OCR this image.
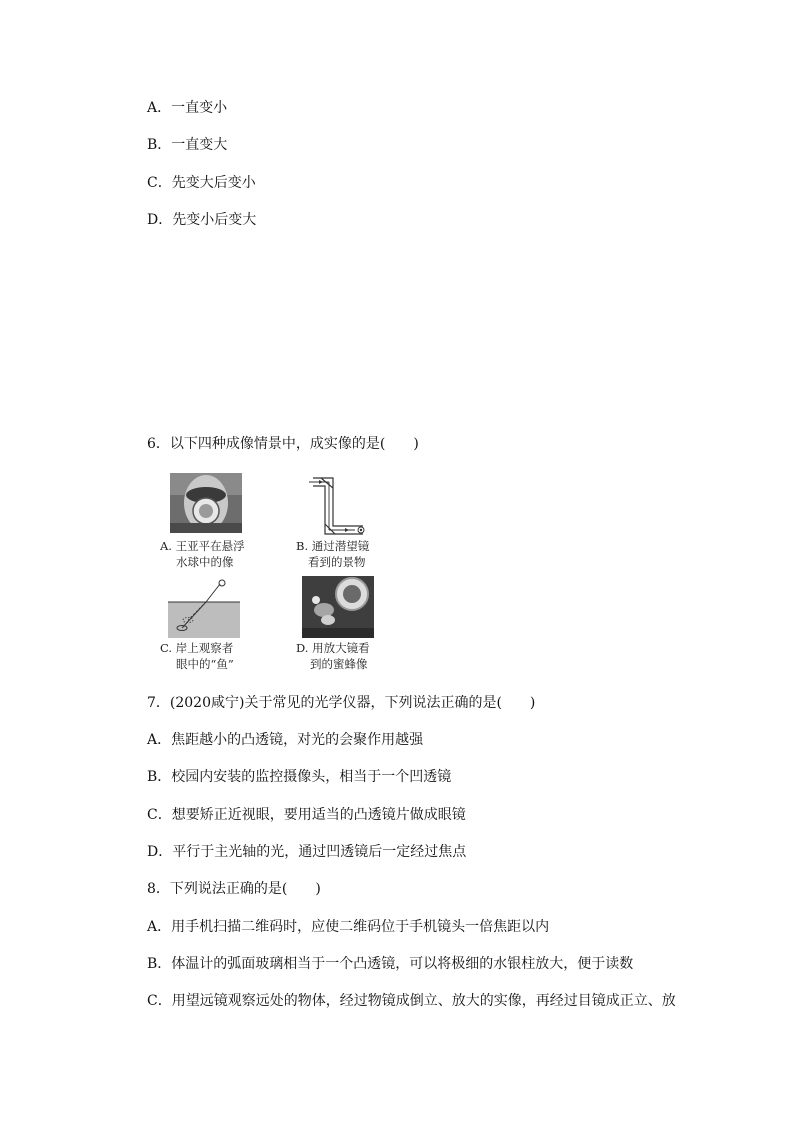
A．一直变小
B．一直变大
C．先变大后变小
D．先变小后变大
6．以下四种成像情景中，成实像的是(　　)
A. 王亚平在悬浮
水球中的像
B. 通过潜望镜
看到的景物
C. 岸上观察者
眼中的“鱼”
D. 用放大镜看
到的蜜蜂像
7．(2020咸宁)关于常见的光学仪器，下列说法正确的是(　　)
A．焦距越小的凸透镜，对光的会聚作用越强
B．校园内安装的监控摄像头，相当于一个凹透镜
C．想要矫正近视眼，要用适当的凸透镜片做成眼镜
D．平行于主光轴的光，通过凹透镜后一定经过焦点
8．下列说法正确的是(　　)
A．用手机扫描二维码时，应使二维码位于手机镜头一倍焦距以内
B．体温计的弧面玻璃相当于一个凸透镜，可以将极细的水银柱放大，便于读数
C．用望远镜观察远处的物体，经过物镜成倒立、放大的实像，再经过目镜成正立、放
